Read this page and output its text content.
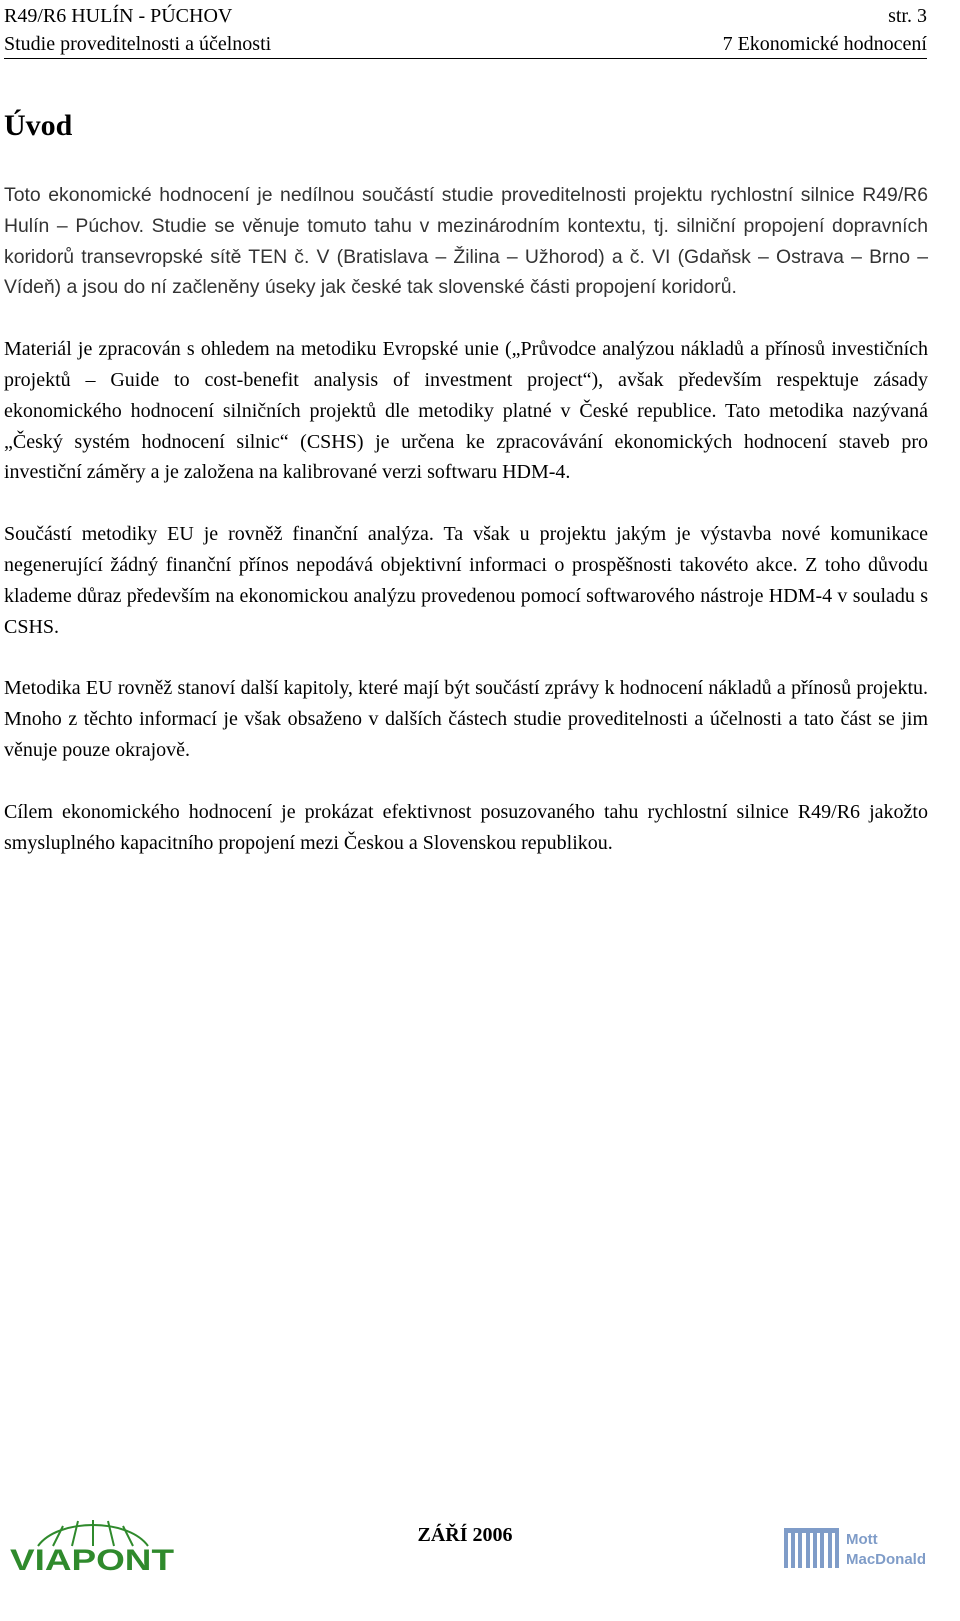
R49/R6 HULÍN - PÚCHOV	str. 3
Studie proveditelnosti a účelnosti	7 Ekonomické hodnocení
Úvod

Toto ekonomické hodnocení je nedílnou součástí studie proveditelnosti projektu rychlostní silnice R49/R6 Hulín – Púchov. Studie se věnuje tomuto tahu v mezinárodním kontextu, tj. silniční propojení dopravních koridorů transevropské sítě TEN č. V (Bratislava – Žilina – Užhorod) a č. VI (Gdaňsk – Ostrava – Brno – Vídeň) a jsou do ní začleněny úseky jak české tak slovenské části propojení koridorů.

Materiál je zpracován s ohledem na metodiku Evropské unie („Průvodce analýzou nákladů a přínosů investičních projektů – Guide to cost-benefit analysis of investment project“), avšak především respektuje zásady ekonomického hodnocení silničních projektů dle metodiky platné v České republice. Tato metodika nazývaná „Český systém hodnocení silnic“ (CSHS) je určena ke zpracovávání ekonomických hodnocení staveb pro investiční záměry a je založena na kalibrované verzi softwaru HDM-4.

Součástí metodiky EU je rovněž finanční analýza. Ta však u projektu jakým je výstavba nové komunikace negenerující žádný finanční přínos nepodává objektivní informaci o prospěšnosti takovéto akce. Z toho důvodu klademe důraz především na ekonomickou analýzu provedenou pomocí softwarového nástroje HDM-4 v souladu s CSHS.

Metodika EU rovněž stanoví další kapitoly, které mají být součástí zprávy k hodnocení nákladů a přínosů projektu. Mnoho z těchto informací je však obsaženo v dalších částech studie proveditelnosti a účelnosti a tato část se jim věnuje pouze okrajově.

Cílem ekonomického hodnocení je prokázat efektivnost posuzovaného tahu rychlostní silnice R49/R6 jakožto smysluplného kapacitního propojení mezi Českou a Slovenskou republikou.

VIAPONT
ZÁŘÍ 2006	Mott
MacDonald
